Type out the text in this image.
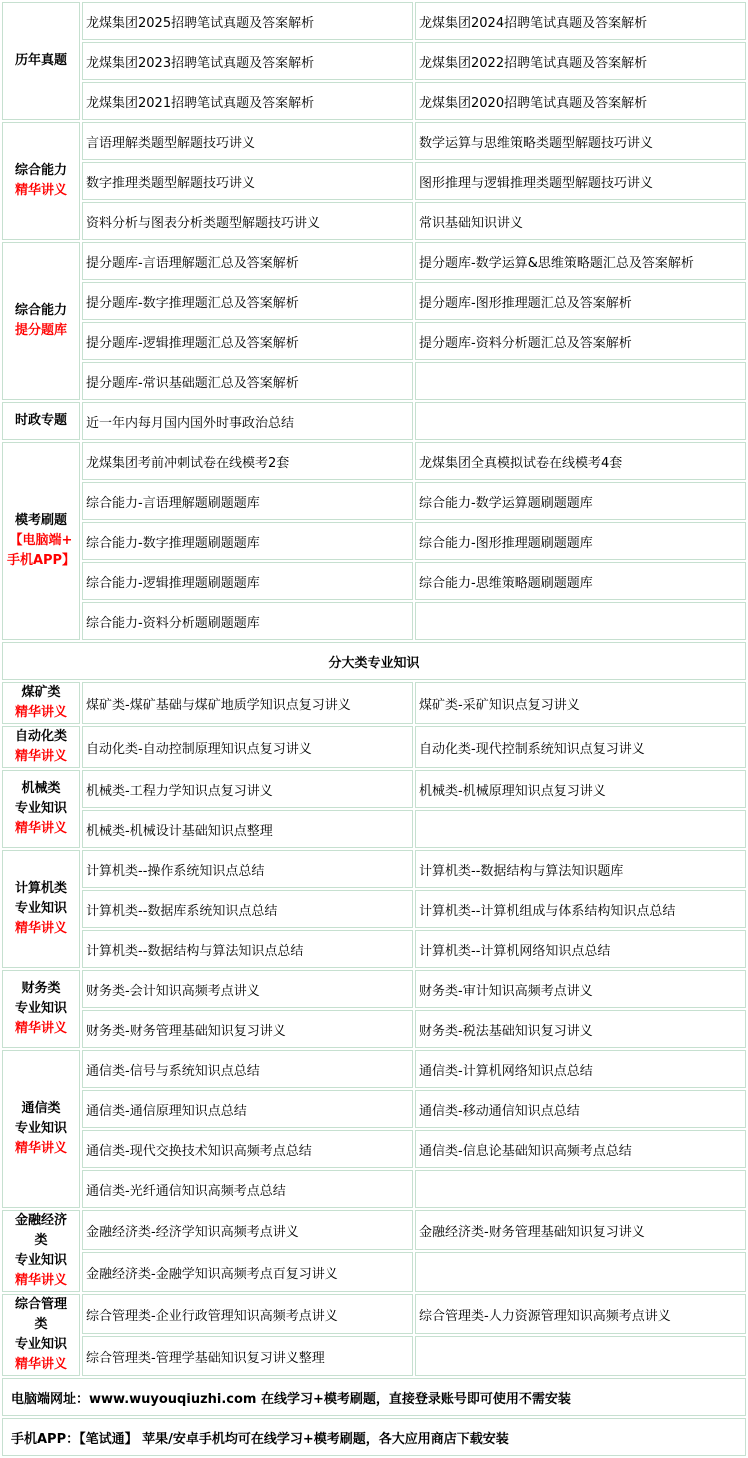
历年真题	龙煤集团2025招聘笔试真题及答案解析	龙煤集团2024招聘笔试真题及答案解析
	龙煤集团2023招聘笔试真题及答案解析	龙煤集团2022招聘笔试真题及答案解析
	龙煤集团2021招聘笔试真题及答案解析	龙煤集团2020招聘笔试真题及答案解析

综合能力
精华讲义	言语理解类题型解题技巧讲义	数学运算与思维策略类题型解题技巧讲义
	数字推理类题型解题技巧讲义	图形推理与逻辑推理类题型解题技巧讲义
	资料分析与图表分析类题型解题技巧讲义	常识基础知识讲义

综合能力
提分题库	提分题库-言语理解题汇总及答案解析	提分题库-数学运算&思维策略题汇总及答案解析
	提分题库-数字推理题汇总及答案解析	提分题库-图形推理题汇总及答案解析
	提分题库-逻辑推理题汇总及答案解析	提分题库-资料分析题汇总及答案解析
	提分题库-常识基础题汇总及答案解析	
时政专题	近一年内每月国内国外时事政治总结	

模考刷题
【电脑端+
手机APP】	龙煤集团考前冲刺试卷在线模考2套	龙煤集团全真模拟试卷在线模考4套
	综合能力-言语理解题刷题题库	综合能力-数学运算题刷题题库
	综合能力-数字推理题刷题题库	综合能力-图形推理题刷题题库
	综合能力-逻辑推理题刷题题库	综合能力-思维策略题刷题题库
	综合能力-资料分析题刷题题库	
分大类专业知识		

煤矿类
精华讲义	煤矿类-煤矿基础与煤矿地质学知识点复习讲义	煤矿类-采矿知识点复习讲义

自动化类
精华讲义	自动化类-自动控制原理知识点复习讲义	自动化类-现代控制系统知识点复习讲义

机械类
专业知识
精华讲义	机械类-工程力学知识点复习讲义	机械类-机械原理知识点复习讲义
	机械类-机械设计基础知识点整理	

计算机类
专业知识
精华讲义	计算机类--操作系统知识点总结	计算机类--数据结构与算法知识题库
	计算机类--数据库系统知识点总结	计算机类--计算机组成与体系结构知识点总结
	计算机类--数据结构与算法知识点总结	计算机类--计算机网络知识点总结

财务类
专业知识
精华讲义	财务类-会计知识高频考点讲义	财务类-审计知识高频考点讲义
	财务类-财务管理基础知识复习讲义	财务类-税法基础知识复习讲义

通信类
专业知识
精华讲义	通信类-信号与系统知识点总结	通信类-计算机网络知识点总结
	通信类-通信原理知识点总结	通信类-移动通信知识点总结
	通信类-现代交换技术知识高频考点总结	通信类-信息论基础知识高频考点总结
	通信类-光纤通信知识高频考点总结	

金融经济
类
专业知识
精华讲义	金融经济类-经济学知识高频考点讲义	金融经济类-财务管理基础知识复习讲义
	金融经济类-金融学知识高频考点百复习讲义	

综合管理
类
专业知识
精华讲义	综合管理类-企业行政管理知识高频考点讲义	综合管理类-人力资源管理知识高频考点讲义
	综合管理类-管理学基础知识复习讲义整理	
电脑端网址：www.wuyouqiuzhi.com 在线学习+模考刷题，直接登录账号即可使用不需安装		
手机APP：【笔试通】 苹果/安卓手机均可在线学习+模考刷题，各大应用商店下载安装		
